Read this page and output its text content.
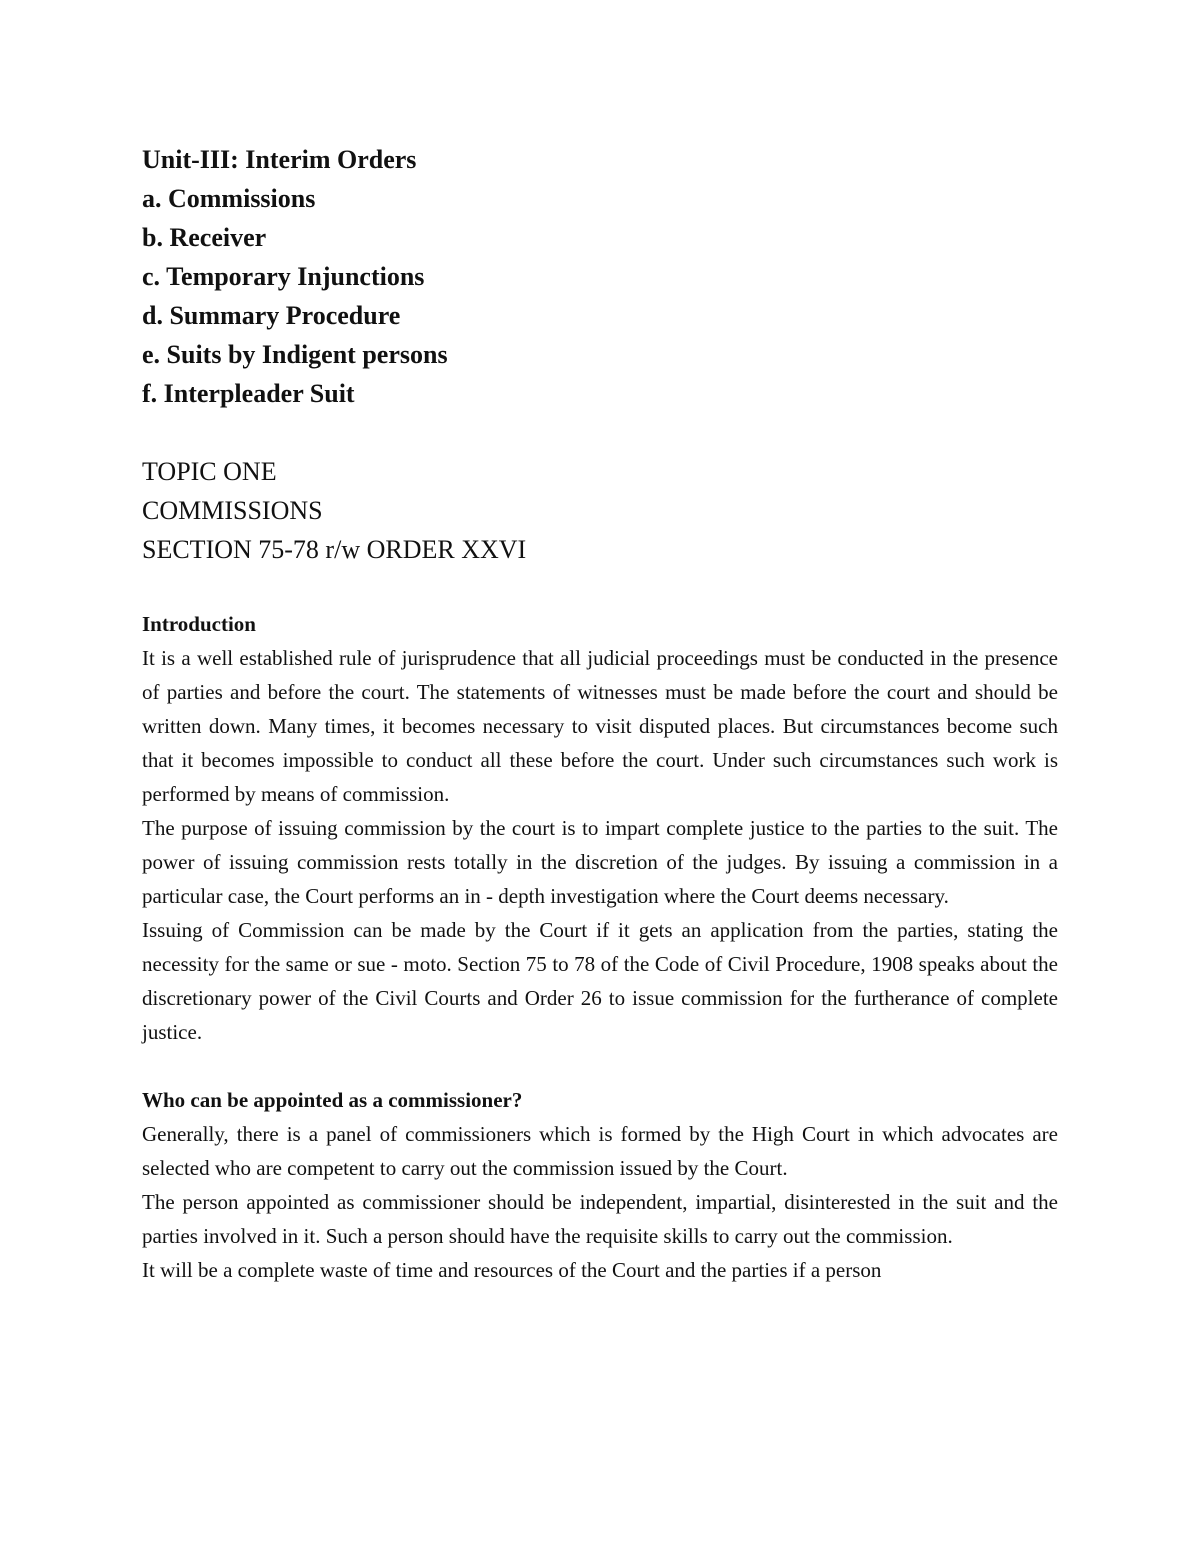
Unit-III: Interim Orders

a. Commissions

b. Receiver

c. Temporary Injunctions

d. Summary Procedure

e. Suits by Indigent persons

f. Interpleader Suit

TOPIC ONE

COMMISSIONS

SECTION 75-78 r/w ORDER XXVI

Introduction

It is a well established rule of jurisprudence that all judicial proceedings must be conducted in the presence of parties and before the court. The statements of witnesses must be made before the court and should be written down. Many times, it becomes necessary to visit disputed places. But circumstances become such that it becomes impossible to conduct all these before the court. Under such circumstances such work is performed by means of commission.

The purpose of issuing commission by the court is to impart complete justice to the parties to the suit. The power of issuing commission rests totally in the discretion of the judges. By issuing a commission in a particular case, the Court performs an in - depth investigation where the Court deems necessary.

Issuing of Commission can be made by the Court if it gets an application from the parties, stating the necessity for the same or sue - moto. Section 75 to 78 of the Code of Civil Procedure, 1908 speaks about the discretionary power of the Civil Courts and Order 26 to issue commission for the furtherance of complete justice.

Who can be appointed as a commissioner?

Generally, there is a panel of commissioners which is formed by the High Court in which advocates are selected who are competent to carry out the commission issued by the Court.

The person appointed as commissioner should be independent, impartial, disinterested in the suit and the parties involved in it. Such a person should have the requisite skills to carry out the commission.

It will be a complete waste of time and resources of the Court and the parties if a person
